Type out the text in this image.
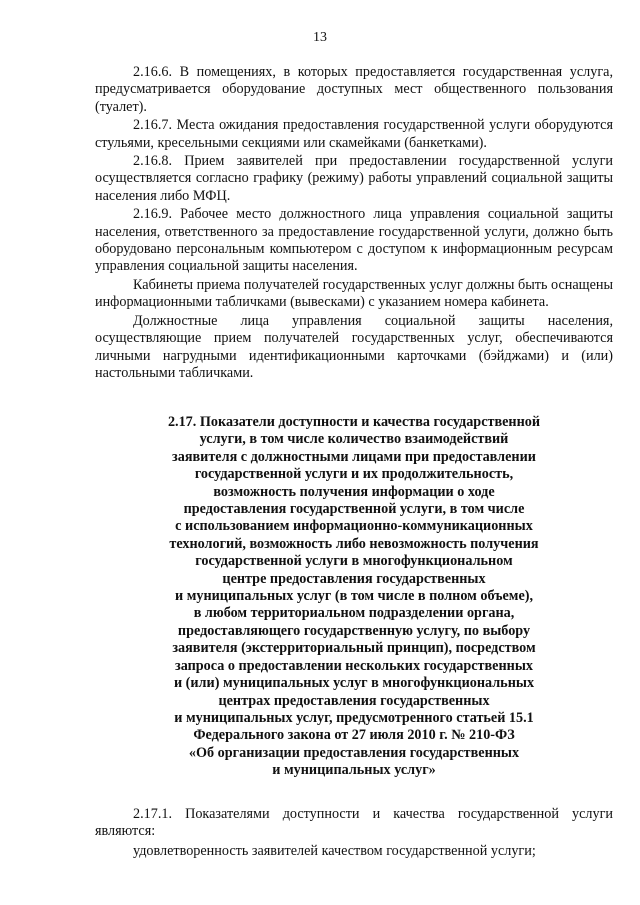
13

2.16.6. В помещениях, в которых предоставляется государственная услуга, предусматривается оборудование доступных мест общественного пользования (туалет).

2.16.7. Места ожидания предоставления государственной услуги оборудуются стульями, кресельными секциями или скамейками (банкетками).

2.16.8. Прием заявителей при предоставлении государственной услуги осуществляется согласно графику (режиму) работы управлений социальной защиты населения либо МФЦ.

2.16.9. Рабочее место должностного лица управления социальной защиты населения, ответственного за предоставление государственной услуги, должно быть оборудовано персональным компьютером с доступом к информационным ресурсам управления социальной защиты населения.

Кабинеты приема получателей государственных услуг должны быть оснащены информационными табличками (вывесками) с указанием номера кабинета.

Должностные лица управления социальной защиты населения, осуществляющие прием получателей государственных услуг, обеспечиваются личными нагрудными идентификационными карточками (бэйджами) и (или) настольными табличками.

2.17. Показатели доступности и качества государственной
услуги, в том числе количество взаимодействий
заявителя с должностными лицами при предоставлении
государственной услуги и их продолжительность,
возможность получения информации о ходе
предоставления государственной услуги, в том числе
с использованием информационно-коммуникационных
технологий, возможность либо невозможность получения
государственной услуги в многофункциональном
центре предоставления государственных
и муниципальных услуг (в том числе в полном объеме),
в любом территориальном подразделении органа,
предоставляющего государственную услугу, по выбору
заявителя (экстерриториальный принцип), посредством
запроса о предоставлении нескольких государственных
и (или) муниципальных услуг в многофункциональных
центрах предоставления государственных
и муниципальных услуг, предусмотренного статьей 15.1
Федерального закона от 27 июля 2010 г. № 210-ФЗ
«Об организации предоставления государственных
и муниципальных услуг»

2.17.1. Показателями доступности и качества государственной услуги являются:

удовлетворенность заявителей качеством государственной услуги;
